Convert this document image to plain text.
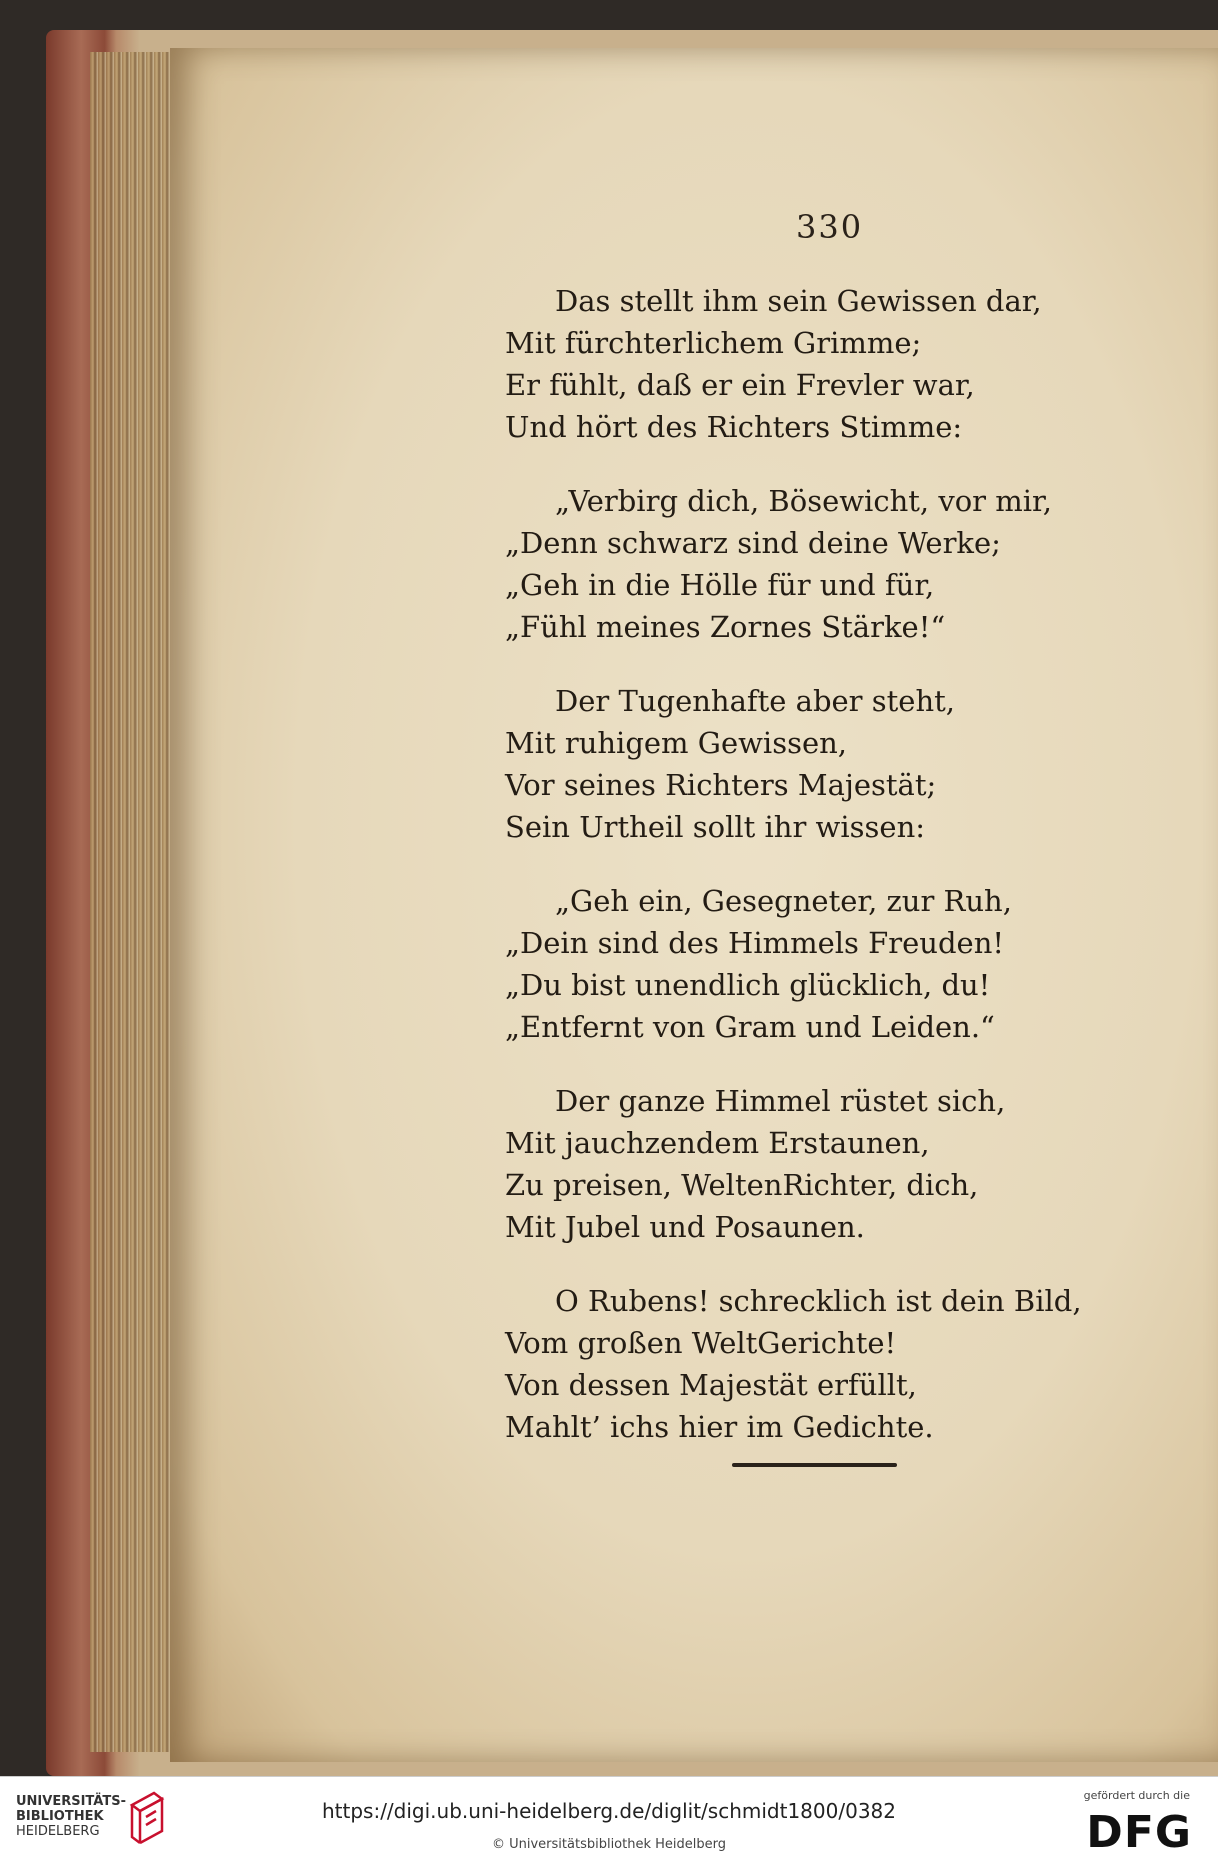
330
Das stellt ihm sein Gewissen dar,
Mit fürchterlichem Grimme;
Er fühlt, daß er ein Frevler war,
Und hört des Richters Stimme:
„Verbirg dich, Bösewicht, vor mir,
„Denn schwarz sind deine Werke;
„Geh in die Hölle für und für,
„Fühl meines Zornes Stärke!“
Der Tugenhafte aber steht,
Mit ruhigem Gewissen,
Vor seines Richters Majestät;
Sein Urtheil sollt ihr wissen:
„Geh ein, Gesegneter, zur Ruh,
„Dein sind des Himmels Freuden!
„Du bist unendlich glücklich, du!
„Entfernt von Gram und Leiden.“
Der ganze Himmel rüstet sich,
Mit jauchzendem Erstaunen,
Zu preisen, WeltenRichter, dich,
Mit Jubel und Posaunen.
O Rubens! schrecklich ist dein Bild,
Vom großen WeltGerichte!
Von dessen Majestät erfüllt,
Mahlt’ ichs hier im Gedichte.
UNIVERSITÄTS-
BIBLIOTHEK
HEIDELBERG
https://digi.ub.uni-heidelberg.de/diglit/schmidt1800/0382
© Universitätsbibliothek Heidelberg
gefördert durch die
DFG
